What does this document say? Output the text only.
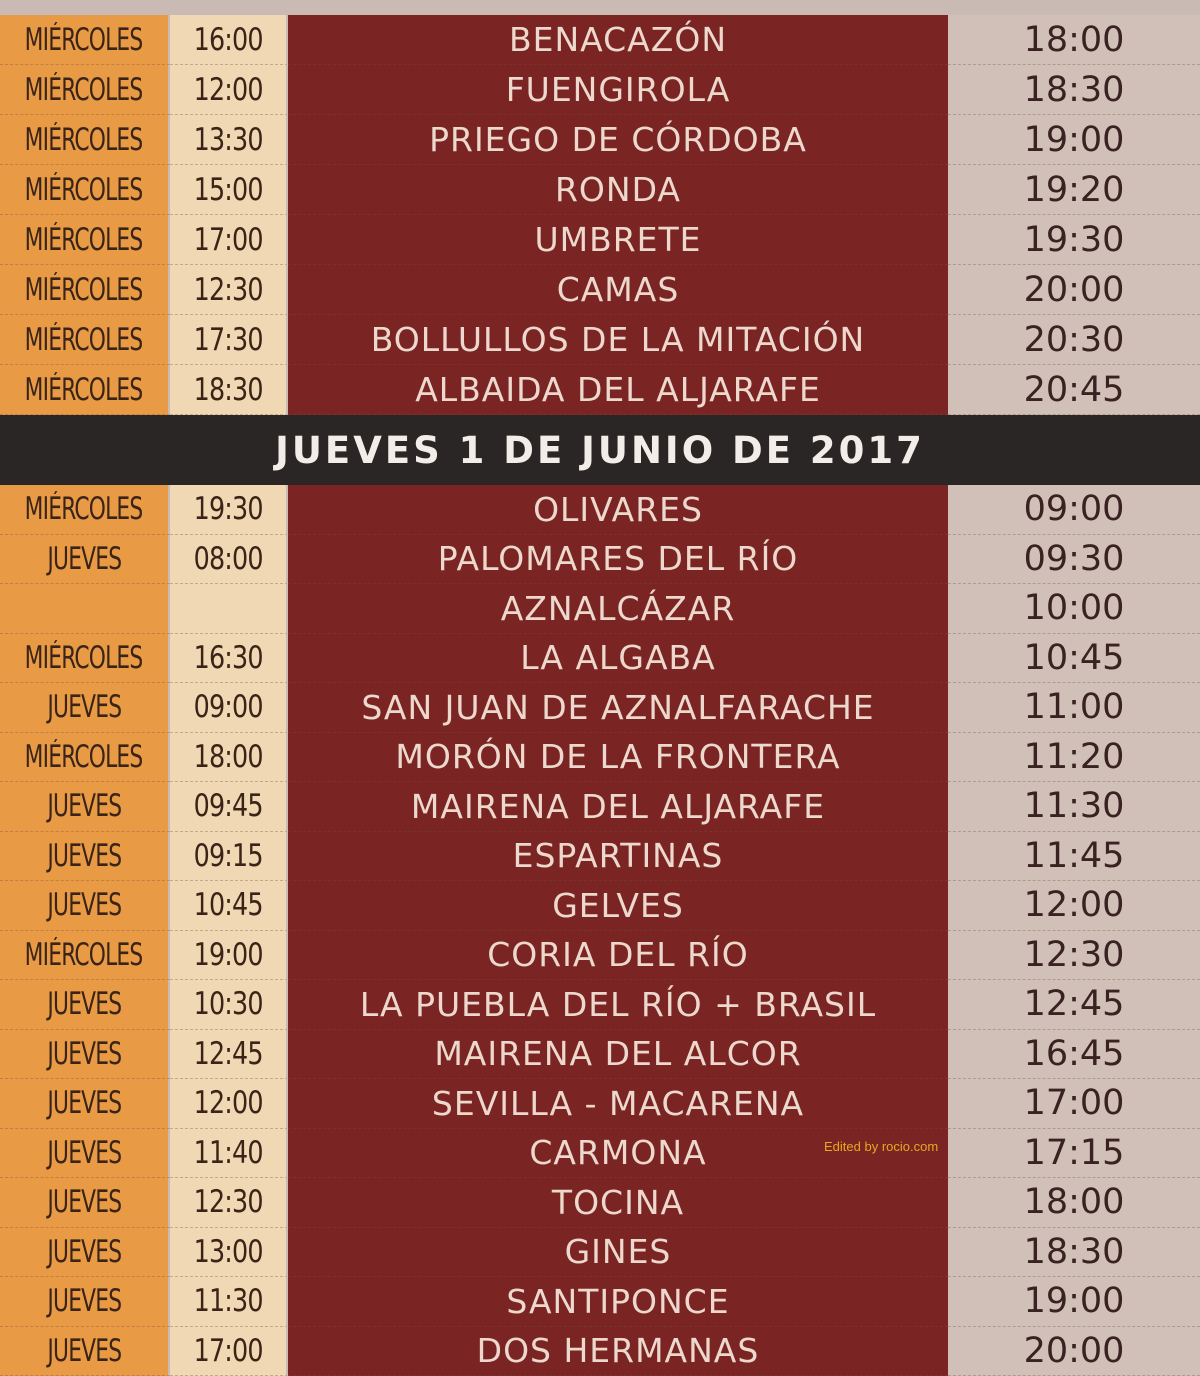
MIÉRCOLES 16:00	BENACAZÓN	18:00
MIÉRCOLES 12:00	FUENGIROLA	18:30
MIÉRCOLES 13:30	PRIEGO DE CÓRDOBA	19:00
MIÉRCOLES 15:00	RONDA	19:20
MIÉRCOLES 17:00	UMBRETE	19:30
MIÉRCOLES 12:30	CAMAS	20:00
MIÉRCOLES 17:30	BOLLULLOS DE LA MITACIÓN	20:30
MIÉRCOLES 18:30	ALBAIDA DEL ALJARAFE	20:45
JUEVES 1 DE JUNIO DE 2017
MIÉRCOLES 19:30	OLIVARES	09:00
JUEVES 08:00	PALOMARES DEL RÍO	09:30
AZNALCÁZAR	10:00
MIÉRCOLES 16:30	LA ALGABA	10:45
JUEVES 09:00	SAN JUAN DE AZNALFARACHE	11:00
MIÉRCOLES 18:00	MORÓN DE LA FRONTERA	11:20
JUEVES 09:45	MAIRENA DEL ALJARAFE	11:30
JUEVES 09:15	ESPARTINAS	11:45
JUEVES 10:45	GELVES	12:00
MIÉRCOLES 19:00	CORIA DEL RÍO	12:30
JUEVES 10:30	LA PUEBLA DEL RÍO + BRASIL	12:45
JUEVES 12:45	MAIRENA DEL ALCOR	16:45
JUEVES 12:00	SEVILLA - MACARENA	17:00
JUEVES 11:40	CARMONA	17:15
JUEVES 12:30	TOCINA	18:00
JUEVES 13:00	GINES	18:30
JUEVES 11:30	SANTIPONCE	19:00
JUEVES 17:00	DOS HERMANAS	20:00
Edited by rocio.com
